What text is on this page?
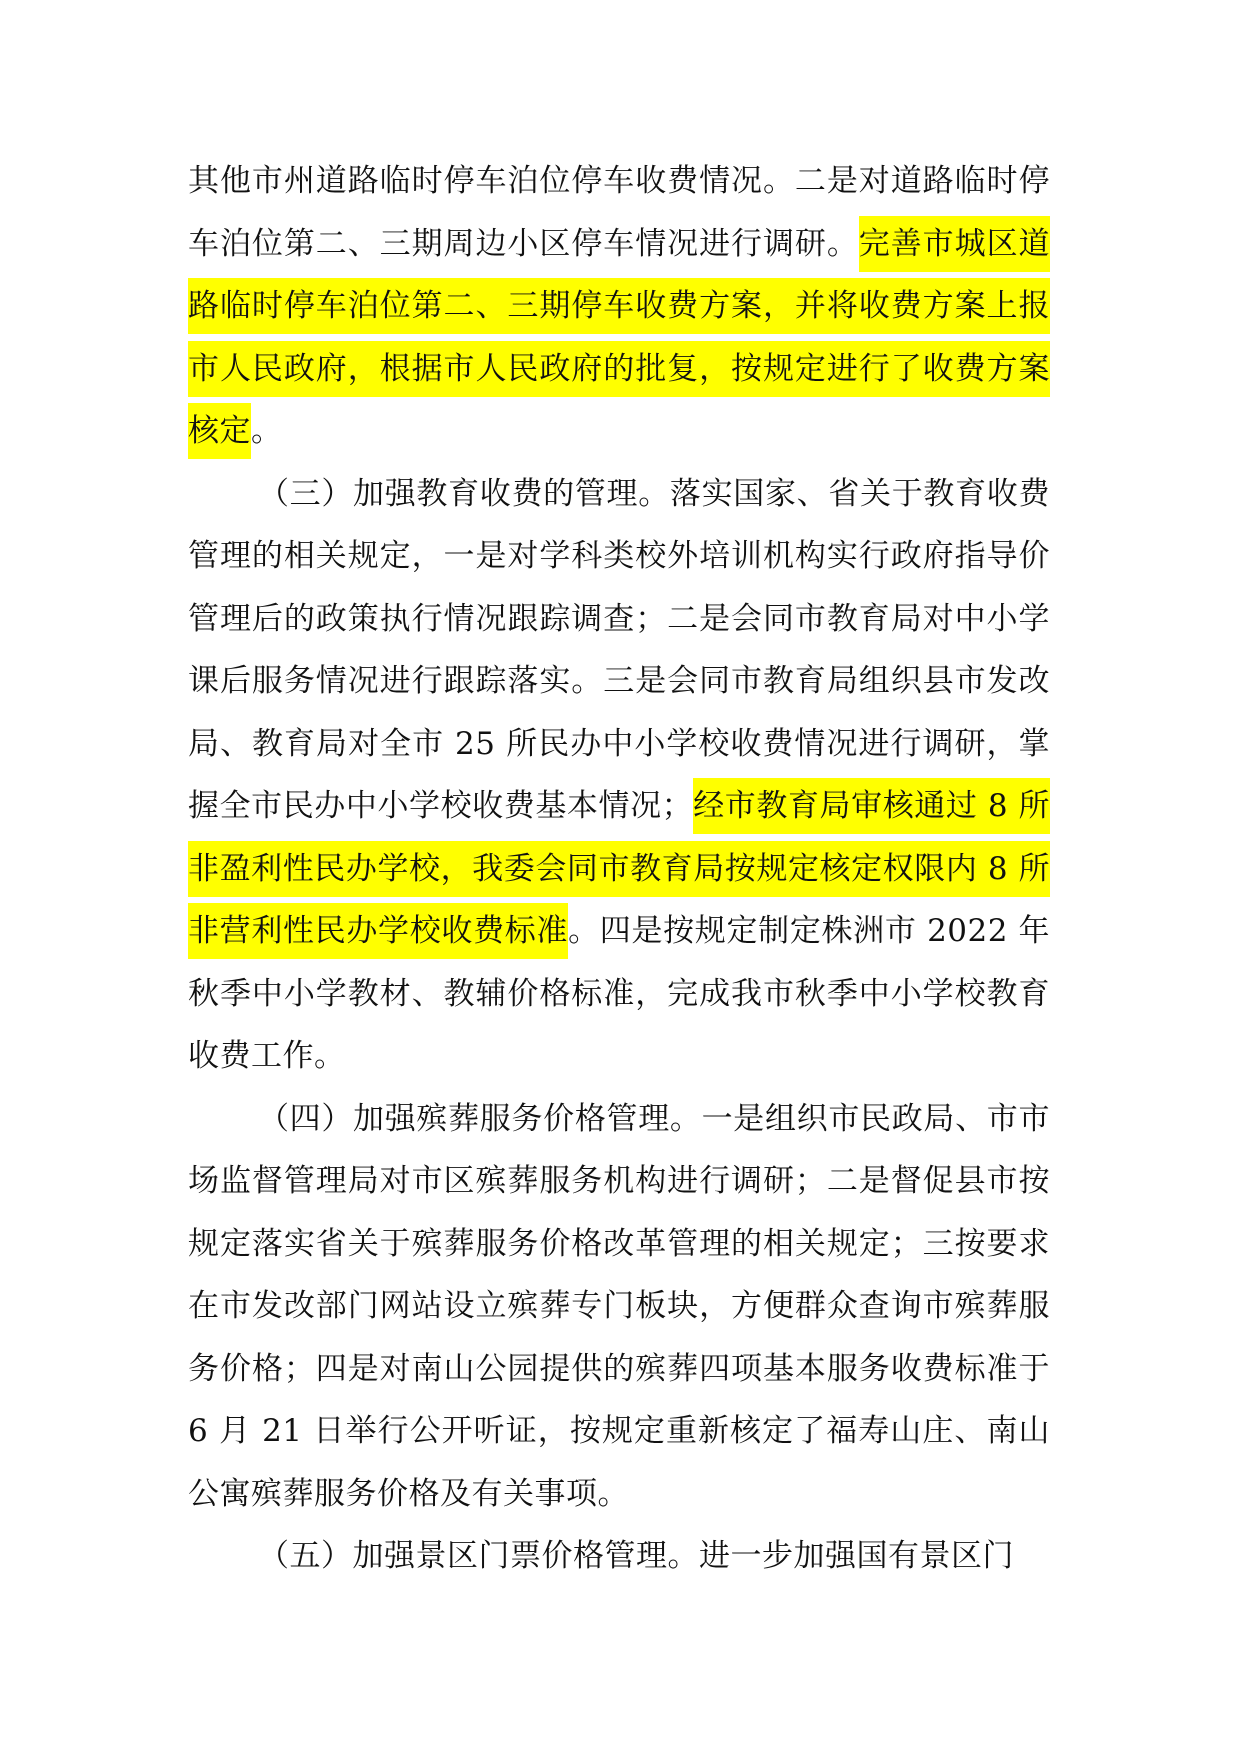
其他市州道路临时停车泊位停车收费情况。二是对道路临时停车泊位第二、三期周边小区停车情况进行调研。完善市城区道路临时停车泊位第二、三期停车收费方案，并将收费方案上报市人民政府，根据市人民政府的批复，按规定进行了收费方案核定。

（三）加强教育收费的管理。落实国家、省关于教育收费管理的相关规定，一是对学科类校外培训机构实行政府指导价管理后的政策执行情况跟踪调查；二是会同市教育局对中小学课后服务情况进行跟踪落实。三是会同市教育局组织县市发改局、教育局对全市 25 所民办中小学校收费情况进行调研，掌握全市民办中小学校收费基本情况；经市教育局审核通过 8 所非盈利性民办学校，我委会同市教育局按规定核定权限内 8 所非营利性民办学校收费标准。四是按规定制定株洲市 2022 年秋季中小学教材、教辅价格标准，完成我市秋季中小学校教育收费工作。

（四）加强殡葬服务价格管理。一是组织市民政局、市市场监督管理局对市区殡葬服务机构进行调研；二是督促县市按规定落实省关于殡葬服务价格改革管理的相关规定；三按要求在市发改部门网站设立殡葬专门板块，方便群众查询市殡葬服务价格；四是对南山公园提供的殡葬四项基本服务收费标准于 6 月 21 日举行公开听证，按规定重新核定了福寿山庄、南山公寓殡葬服务价格及有关事项。

（五）加强景区门票价格管理。进一步加强国有景区门
